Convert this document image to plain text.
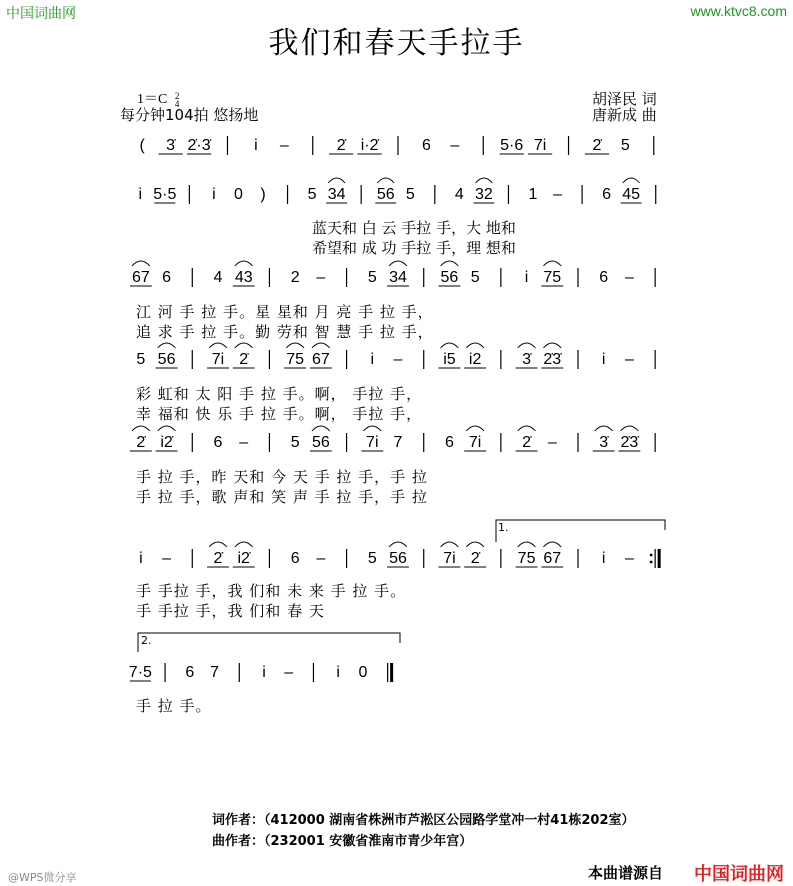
中国词曲网	www.ktvc8.com
我们和春天手拉手
1＝C 2
4
每分钟104拍 悠扬地
胡泽民 词
唐新成 曲
( 3̇ 2̇·3̇	i –	2̇ i·2̇	6 –	5·6 7i	2̇ 5
i 5·5 i 0 )	5 34 56 5	4 32 1 –	6 45
67 6	4 43 2 –	5 34 56 5	i 75 6 –
5 56 7i 2̇ 75 67	i –	i5 i2	3̇ 2̇3̇	i –
2̇ i2̇	6 –	5 56 7i 7	6 7i	2̇ –	3̇ 2̇3̇
i –	2̇ i2̇	6 –	5 56 7i 2̇ 75 67	i –
7·5 6 7	i –	i 0
蓝天和 白 云 手拉 手，大 地和
希望和 成 功 手拉 手，理 想和
江 河 手 拉 手。星 星和 月 亮 手 拉 手，
追 求 手 拉 手。勤 劳和 智 慧 手 拉 手，
彩 虹和 太 阳 手 拉 手。啊， 手拉 手，
幸 福和 快 乐 手 拉 手。啊， 手拉 手，
手 拉 手，昨 天和 今 天 手 拉 手，手 拉
手 拉 手，歌 声和 笑 声 手 拉 手，手 拉
手 手拉 手，我 们和 未 来 手 拉 手。
手 手拉 手，我 们和 春 天
手 拉 手。
1.
2.
词作者：（412000 湖南省株洲市芦淞区公园路学堂冲一村41栋202室）
曲作者：（232001 安徽省淮南市青少年宫）
@WPS微分享	本曲谱源自 中国词曲网
